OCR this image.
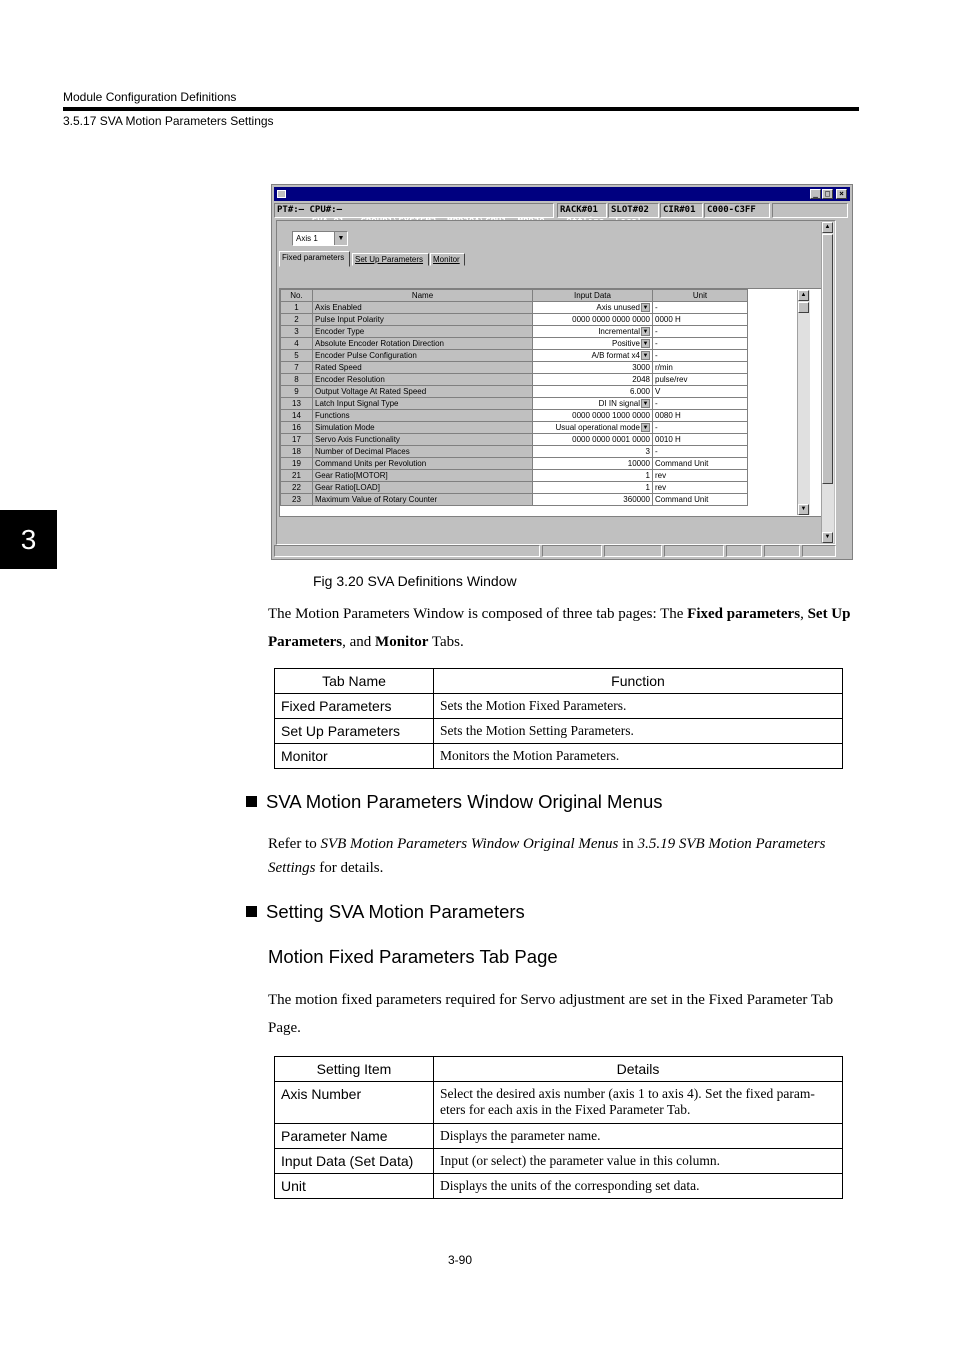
Module Configuration Definitions
3.5.17 SVA Motion Parameters Settings
3

_

□

	×

PT#:– CPU#:–	RACK#01	SLOT#02	CIR#01	C000-C3FF
Axis 1	▼
Fixed parameters	Set Up Parameters	Monitor
No.	Name	Input Data	Unit
1	Axis Enabled	Axis unused ▼	-
2	Pulse Input Polarity	0000 0000 0000 0000	0000 H
3	Encoder Type	Incremental ▼	-
4	Absolute Encoder Rotation Direction	Positive ▼	-
5	Encoder Pulse Configuration	A/B format x4 ▼	-
7	Rated Speed	3000	r/min
8	Encoder Resolution	2048	pulse/rev
9	Output Voltage At Rated Speed	6.000	V
13	Latch Input Signal Type	DI IN signal ▼	-
14	Functions	0000 0000 1000 0000	0080 H
16	Simulation Mode	Usual operational mode ▼	-
17	Servo Axis Functionality	0000 0000 0001 0000	0010 H
18	Number of Decimal Places	3	-
19	Command Units per Revolution	10000	Command Unit
21	Gear Ratio[MOTOR]	1	rev
22	Gear Ratio[LOAD]	1	rev
23	Maximum Value of Rotary Counter	360000	Command Unit
▲
▼
▲
▼
Fig 3.20 SVA Definitions Window
The Motion Parameters Window is composed of three tab pages: The Fixed parameters, Set Up Parameters, and Monitor Tabs.
Tab Name	Function
Fixed Parameters	Sets the Motion Fixed Parameters.
Set Up Parameters	Sets the Motion Setting Parameters.
Monitor	Monitors the Motion Parameters.
SVA Motion Parameters Window Original Menus
Refer to SVB Motion Parameters Window Original Menus in 3.5.19 SVB Motion Parameters Settings for details.
Setting SVA Motion Parameters
Motion Fixed Parameters Tab Page
The motion fixed parameters required for Servo adjustment are set in the Fixed Parameter Tab Page.
Setting Item	Details
Axis Number	Select the desired axis number (axis 1 to axis 4). Set the fixed param-eters for each axis in the Fixed Parameter Tab.
Parameter Name	Displays the parameter name.
Input Data (Set Data)	Input (or select) the parameter value in this column.
Unit	Displays the units of the corresponding set data.
3-90
